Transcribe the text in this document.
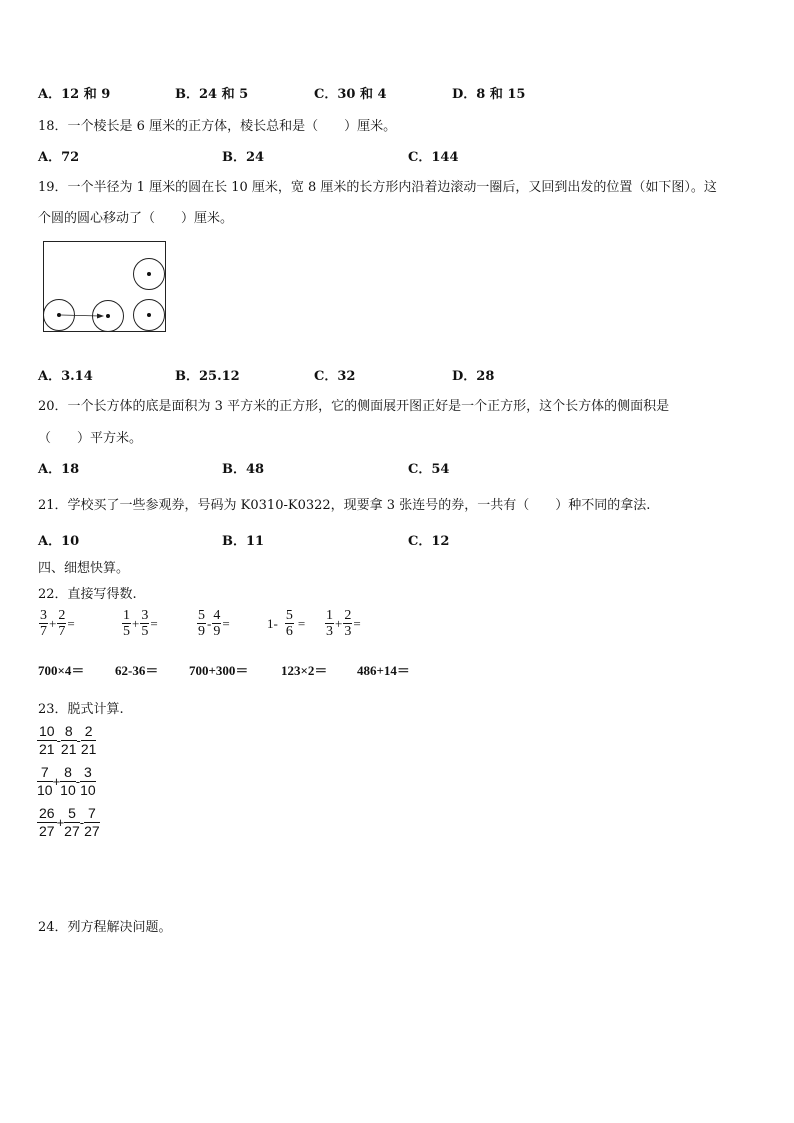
A．12 和 9	B．24 和 5	C．30 和 4	D．8 和 15
18．一个棱长是 6 厘米的正方体，棱长总和是（　　）厘米。
A．72	B．24	C．144
19．一个半径为 1 厘米的圆在长 10 厘米，宽 8 厘米的长方形内沿着边滚动一圈后，又回到出发的位置（如下图）。这
个圆的圆心移动了（　　）厘米。
A．3.14	B．25.12	C．32	D．28
20．一个长方体的底是面积为 3 平方米的正方形，它的侧面展开图正好是一个正方形，这个长方体的侧面积是
（　　）平方米。
A．18	B．48	C．54
21．学校买了一些参观券，号码为 K0310-K0322，现要拿 3 张连号的券，一共有（　　）种不同的拿法.
A．10	B．11	C．12
四、细想快算。
22．直接写得数.
$\frac{3}{7} + \frac{2}{7}$ =	$\frac{1}{5} + \frac{3}{5}$ =	$\frac{5}{9} - \frac{4}{9}$ =	$1- \frac{5}{6} = \frac{1}{3} + \frac{2}{3}$ =
700×4＝ 62-36＝ 700+300＝	123×2＝ 486+14＝
23．脱式计算.
$\frac{10}{21} - \frac{8}{21} - \frac{2}{21}$
$\frac{7}{10} + \frac{8}{10} - \frac{3}{10}$
$\frac{26}{27} + \frac{5}{27} - \frac{7}{27}$
24．列方程解决问题。
